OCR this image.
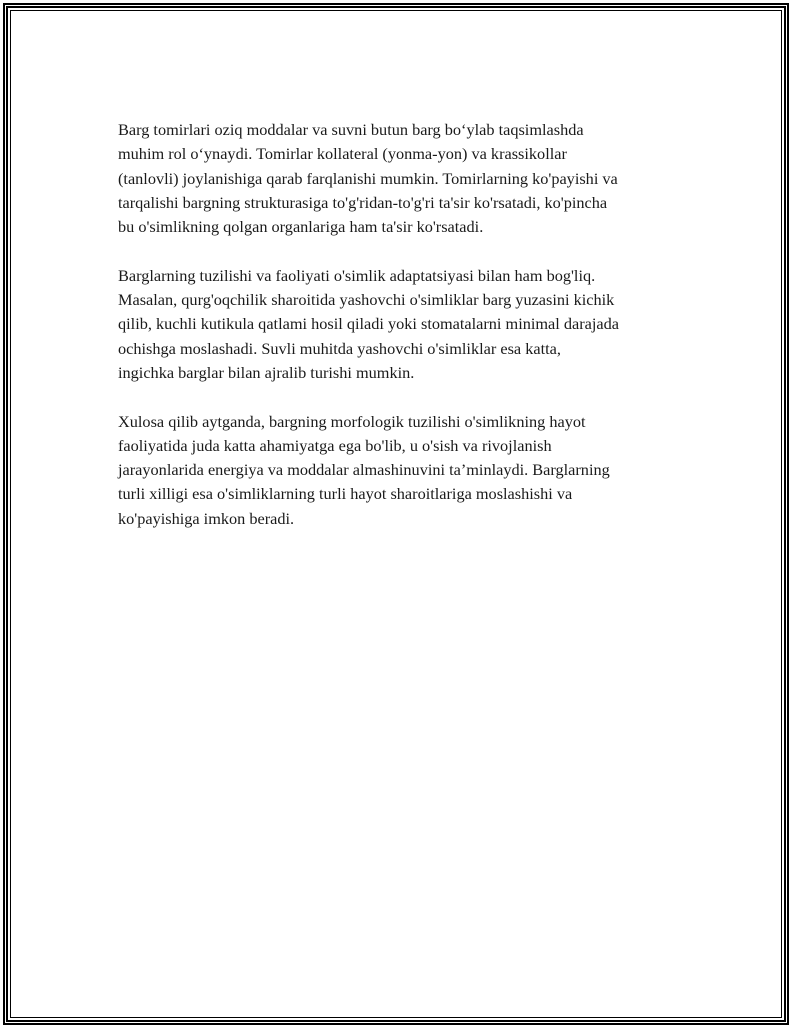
Barg tomirlari oziq moddalar va suvni butun barg boʻylab taqsimlashda
muhim rol oʻynaydi. Tomirlar kollateral (yonma-yon) va krassikollar
(tanlovli) joylanishiga qarab farqlanishi mumkin. Tomirlarning ko'payishi va
tarqalishi bargning strukturasiga to'g'ridan-to'g'ri ta'sir ko'rsatadi, ko'pincha
bu o'simlikning qolgan organlariga ham ta'sir ko'rsatadi.

Barglarning tuzilishi va faoliyati o'simlik adaptatsiyasi bilan ham bog'liq.
Masalan, qurg'oqchilik sharoitida yashovchi o'simliklar barg yuzasini kichik
qilib, kuchli kutikula qatlami hosil qiladi yoki stomatalarni minimal darajada
ochishga moslashadi. Suvli muhitda yashovchi o'simliklar esa katta,
ingichka barglar bilan ajralib turishi mumkin.

Xulosa qilib aytganda, bargning morfologik tuzilishi o'simlikning hayot
faoliyatida juda katta ahamiyatga ega bo'lib, u o'sish va rivojlanish
jarayonlarida energiya va moddalar almashinuvini taʼminlaydi. Barglarning
turli xilligi esa o'simliklarning turli hayot sharoitlariga moslashishi va
ko'payishiga imkon beradi.
